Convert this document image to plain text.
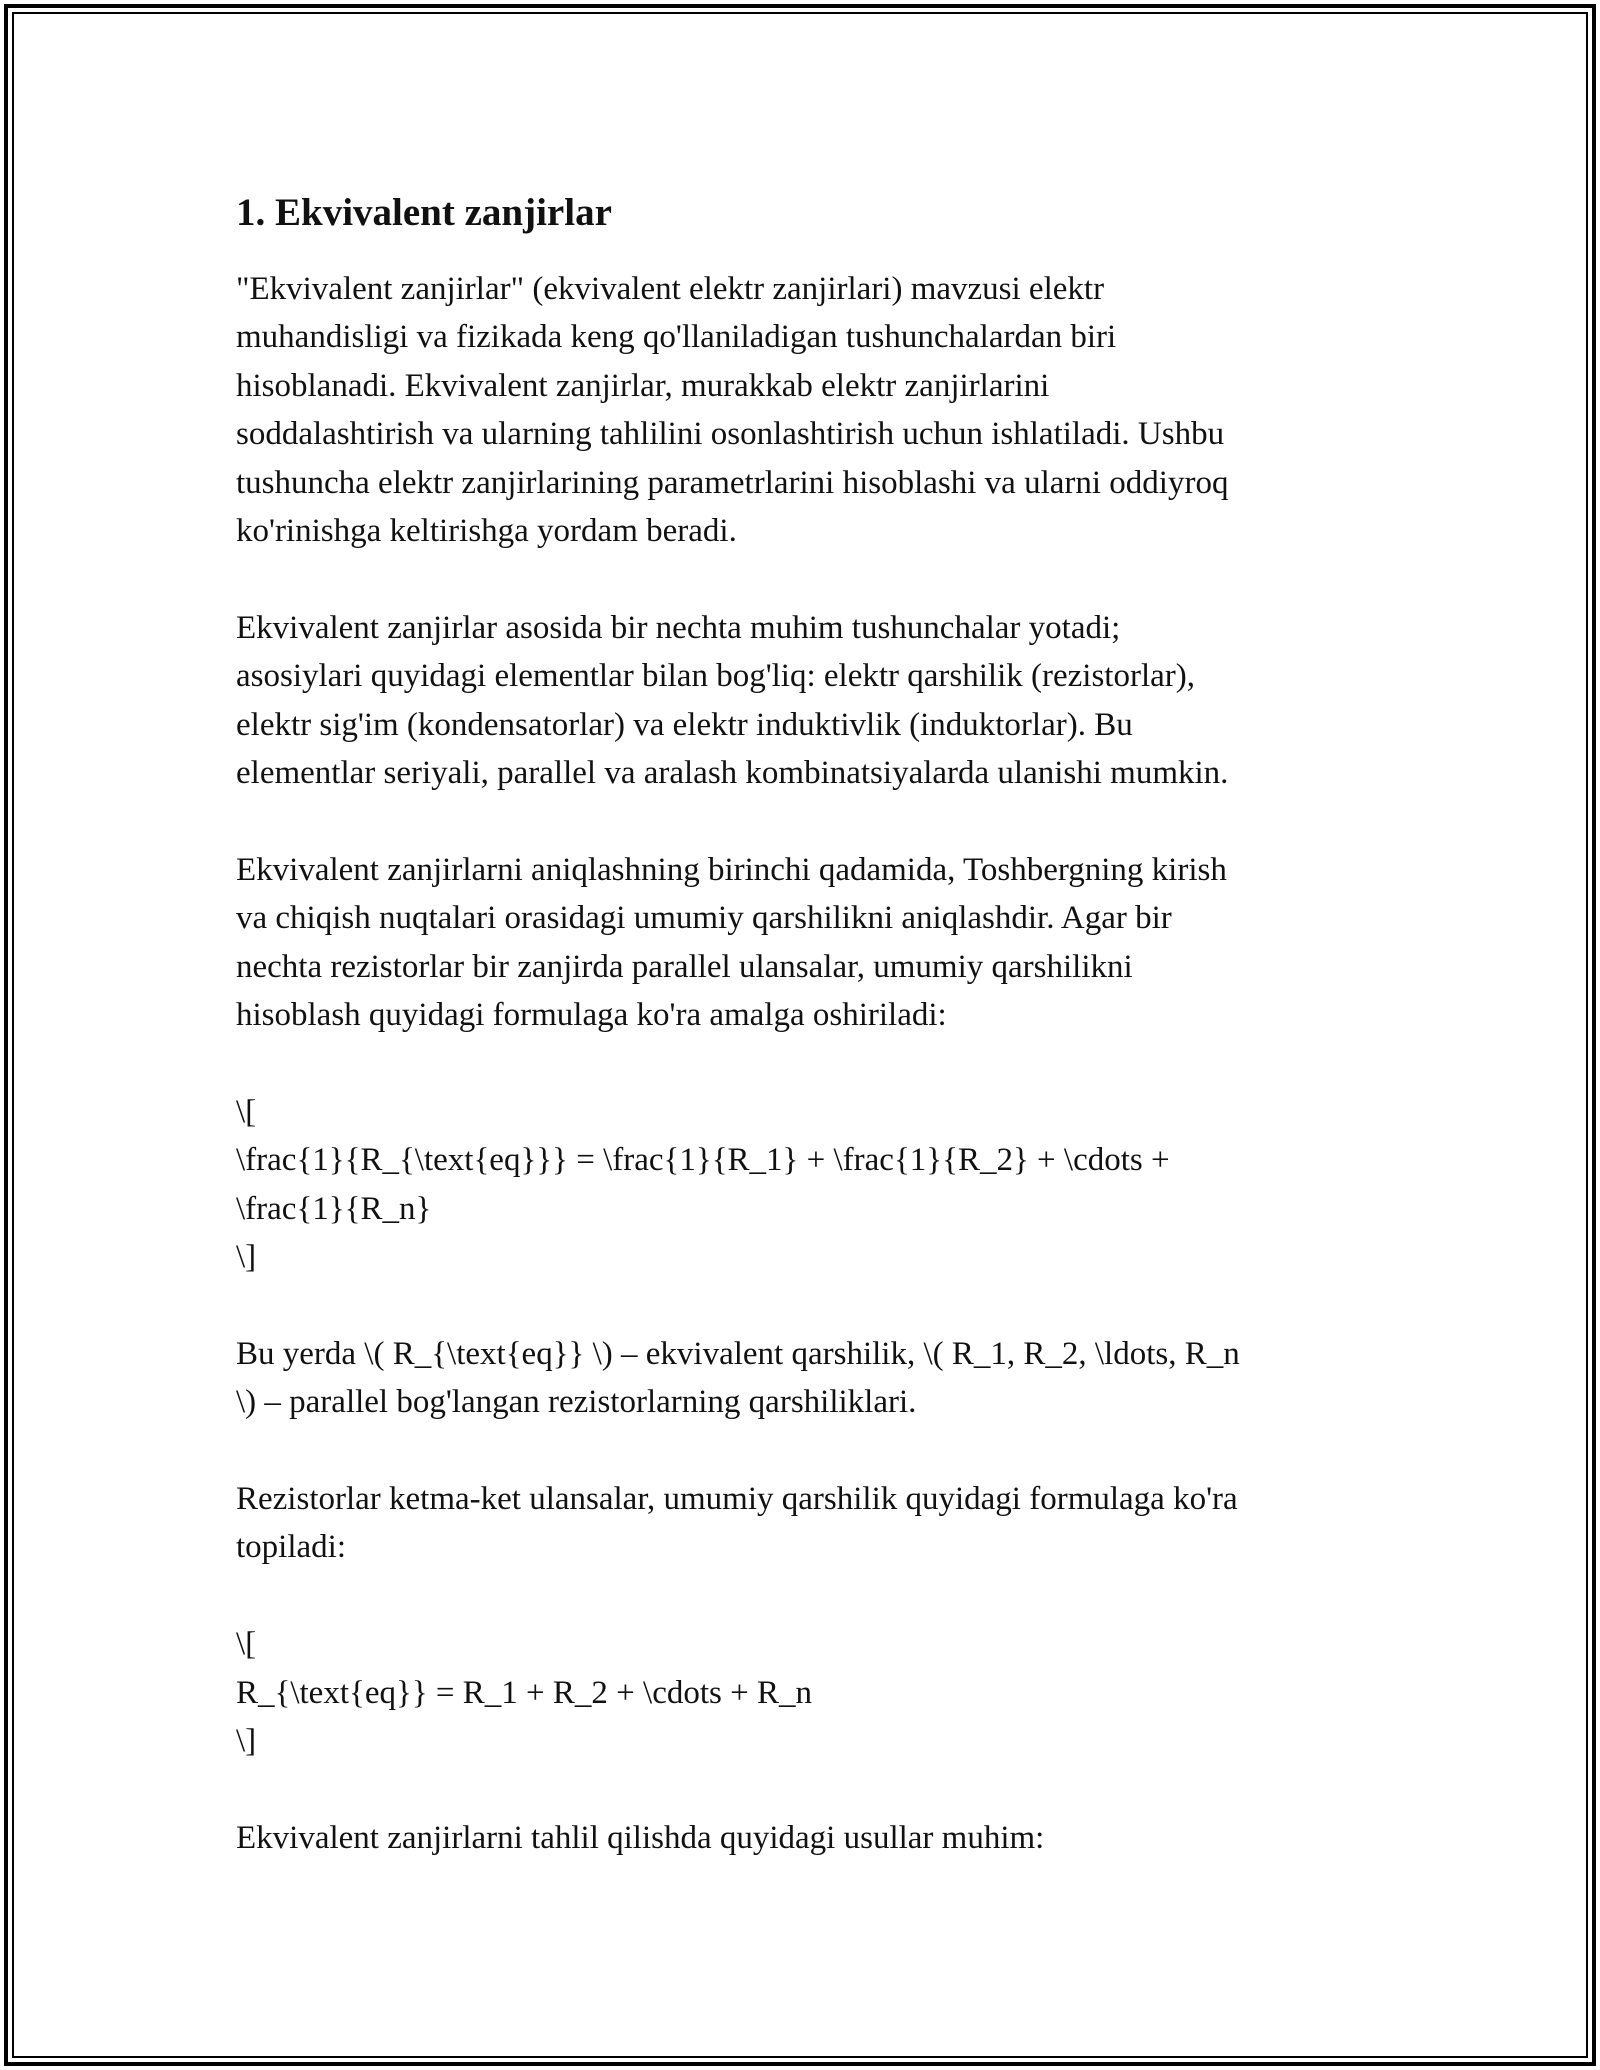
1. Ekvivalent zanjirlar

"Ekvivalent zanjirlar" (ekvivalent elektr zanjirlari) mavzusi elektr
muhandisligi va fizikada keng qo'llaniladigan tushunchalardan biri
hisoblanadi. Ekvivalent zanjirlar, murakkab elektr zanjirlarini
soddalashtirish va ularning tahlilini osonlashtirish uchun ishlatiladi. Ushbu
tushuncha elektr zanjirlarining parametrlarini hisoblashi va ularni oddiyroq
ko'rinishga keltirishga yordam beradi.

Ekvivalent zanjirlar asosida bir nechta muhim tushunchalar yotadi;
asosiylari quyidagi elementlar bilan bog'liq: elektr qarshilik (rezistorlar),
elektr sig'im (kondensatorlar) va elektr induktivlik (induktorlar). Bu
elementlar seriyali, parallel va aralash kombinatsiyalarda ulanishi mumkin.

Ekvivalent zanjirlarni aniqlashning birinchi qadamida, Toshbergning kirish
va chiqish nuqtalari orasidagi umumiy qarshilikni aniqlashdir. Agar bir
nechta rezistorlar bir zanjirda parallel ulansalar, umumiy qarshilikni
hisoblash quyidagi formulaga ko'ra amalga oshiriladi:

\[
\frac{1}{R_{\text{eq}}} = \frac{1}{R_1} + \frac{1}{R_2} + \cdots +
\frac{1}{R_n}
\]

Bu yerda \( R_{\text{eq}} \) – ekvivalent qarshilik, \( R_1, R_2, \ldots, R_n
\) – parallel bog'langan rezistorlarning qarshiliklari.

Rezistorlar ketma-ket ulansalar, umumiy qarshilik quyidagi formulaga ko'ra
topiladi:

\[
R_{\text{eq}} = R_1 + R_2 + \cdots + R_n
\]

Ekvivalent zanjirlarni tahlil qilishda quyidagi usullar muhim:
